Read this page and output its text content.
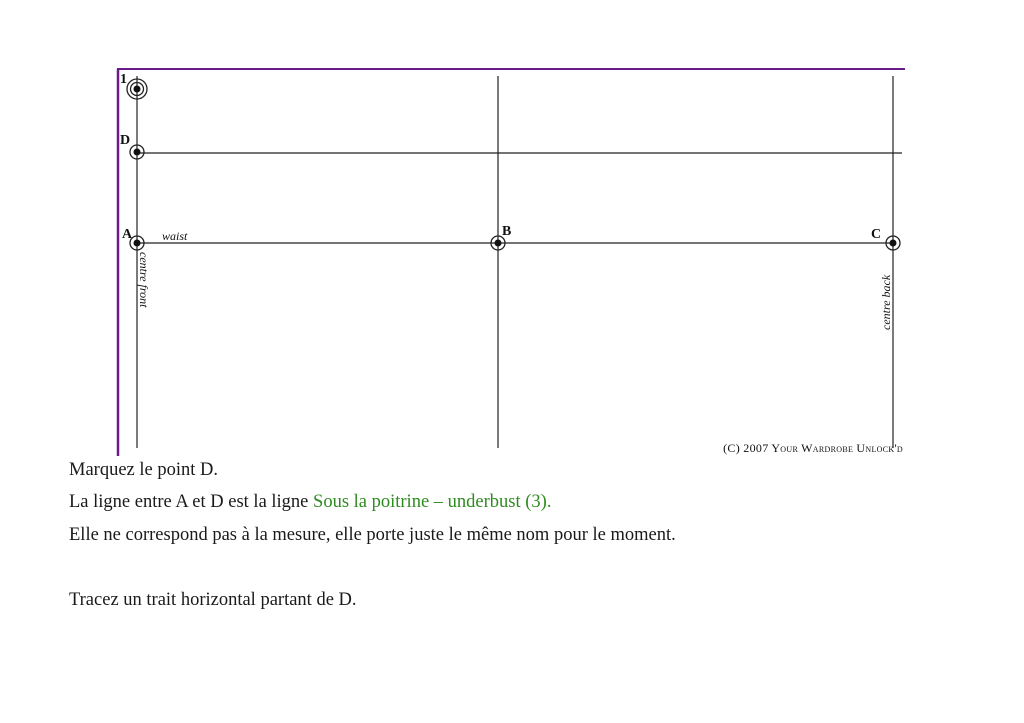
1
D
A	B	C
waist
centre front	centre back
(C) 2007 Your Wardrobe Unlock'd
Marquez le point D.
La ligne entre A et D est la ligne Sous la poitrine – underbust (3).
Elle ne correspond pas à la mesure, elle porte juste le même nom pour le moment.
Tracez un trait horizontal partant de D.
